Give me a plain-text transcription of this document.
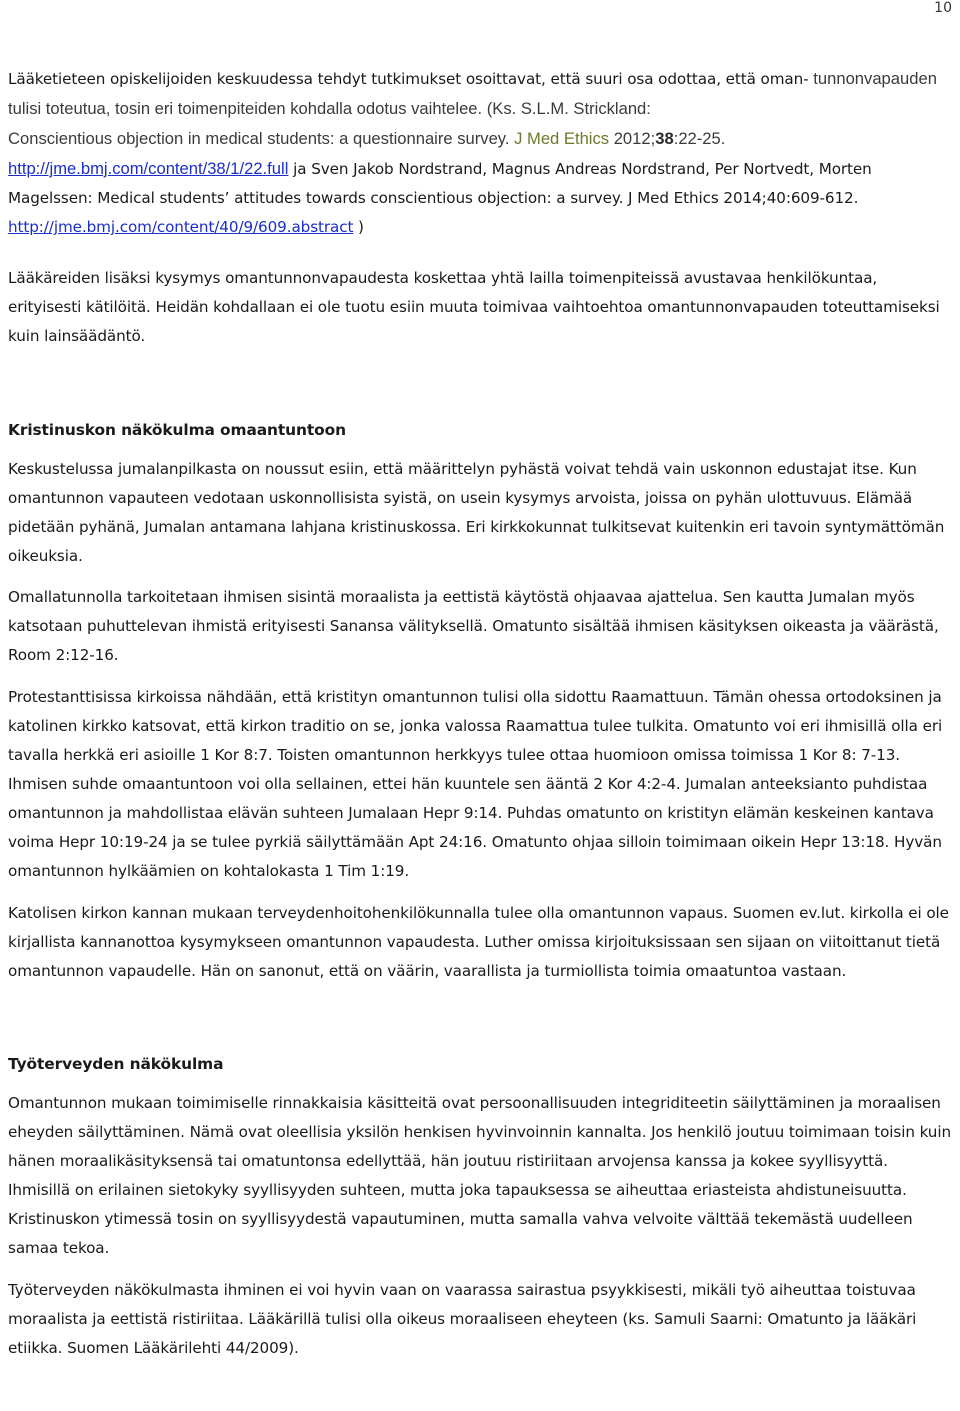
10

Lääketieteen opiskelijoiden keskuudessa tehdyt tutkimukset osoittavat, että suuri osa odottaa, että oman- tunnonvapauden tulisi toteutua, tosin eri toimenpiteiden kohdalla odotus vaihtelee. (Ks. S.L.M. Strickland:
Conscientious objection in medical students: a questionnaire survey. J Med Ethics 2012;38:22-25.
http://jme.bmj.com/content/38/1/22.full ja Sven Jakob Nordstrand, Magnus Andreas Nordstrand, Per Nortvedt, Morten Magelssen: Medical students’ attitudes towards conscientious objection: a survey. J Med Ethics 2014;40:609-612. http://jme.bmj.com/content/40/9/609.abstract )

Lääkäreiden lisäksi kysymys omantunnonvapaudesta koskettaa yhtä lailla toimenpiteissä avustavaa henkilökuntaa, erityisesti kätilöitä. Heidän kohdallaan ei ole tuotu esiin muuta toimivaa vaihtoehtoa omantunnonvapauden toteuttamiseksi kuin lainsäädäntö.

Kristinuskon näkökulma omaantuntoon

Keskustelussa jumalanpilkasta on noussut esiin, että määrittelyn pyhästä voivat tehdä vain uskonnon edustajat itse. Kun omantunnon vapauteen vedotaan uskonnollisista syistä, on usein kysymys arvoista, joissa on pyhän ulottuvuus. Elämää pidetään pyhänä, Jumalan antamana lahjana kristinuskossa. Eri kirkkokunnat tulkitsevat kuitenkin eri tavoin syntymättömän oikeuksia.

Omallatunnolla tarkoitetaan ihmisen sisintä moraalista ja eettistä käytöstä ohjaavaa ajattelua. Sen kautta Jumalan myös katsotaan puhuttelevan ihmistä erityisesti Sanansa välityksellä. Omatunto sisältää ihmisen käsityksen oikeasta ja väärästä, Room 2:12-16.

Protestanttisissa kirkoissa nähdään, että kristityn omantunnon tulisi olla sidottu Raamattuun. Tämän ohessa ortodoksinen ja katolinen kirkko katsovat, että kirkon traditio on se, jonka valossa Raamattua tulee tulkita. Omatunto voi eri ihmisillä olla eri tavalla herkkä eri asioille 1 Kor 8:7. Toisten omantunnon herkkyys tulee ottaa huomioon omissa toimissa 1 Kor 8: 7-13. Ihmisen suhde omaantuntoon voi olla sellainen, ettei hän kuuntele sen ääntä 2 Kor 4:2-4. Jumalan anteeksianto puhdistaa omantunnon ja mahdollistaa elävän suhteen Jumalaan Hepr 9:14. Puhdas omatunto on kristityn elämän keskeinen kantava voima Hepr 10:19-24 ja se tulee pyrkiä säilyttämään Apt 24:16. Omatunto ohjaa silloin toimimaan oikein Hepr 13:18. Hyvän omantunnon hylkäämien on kohtalokasta 1 Tim 1:19.

Katolisen kirkon kannan mukaan terveydenhoitohenkilökunnalla tulee olla omantunnon vapaus. Suomen ev.lut. kirkolla ei ole kirjallista kannanottoa kysymykseen omantunnon vapaudesta. Luther omissa kirjoituksissaan sen sijaan on viitoittanut tietä omantunnon vapaudelle. Hän on sanonut, että on väärin, vaarallista ja turmiollista toimia omaatuntoa vastaan.

Työterveyden näkökulma

Omantunnon mukaan toimimiselle rinnakkaisia käsitteitä ovat persoonallisuuden integriditeetin säilyttäminen ja moraalisen eheyden säilyttäminen. Nämä ovat oleellisia yksilön henkisen hyvinvoinnin kannalta. Jos henkilö joutuu toimimaan toisin kuin hänen moraalikäsityksensä tai omatuntonsa edellyttää, hän joutuu ristiriitaan arvojensa kanssa ja kokee syyllisyyttä. Ihmisillä on erilainen sietokyky syyllisyyden suhteen, mutta joka tapauksessa se aiheuttaa eriasteista ahdistuneisuutta. Kristinuskon ytimessä tosin on syyllisyydestä vapautuminen, mutta samalla vahva velvoite välttää tekemästä uudelleen samaa tekoa.

Työterveyden näkökulmasta ihminen ei voi hyvin vaan on vaarassa sairastua psyykkisesti, mikäli työ aiheuttaa toistuvaa moraalista ja eettistä ristiriitaa. Lääkärillä tulisi olla oikeus moraaliseen eheyteen (ks. Samuli Saarni: Omatunto ja lääkäri etiikka. Suomen Lääkärilehti 44/2009).
